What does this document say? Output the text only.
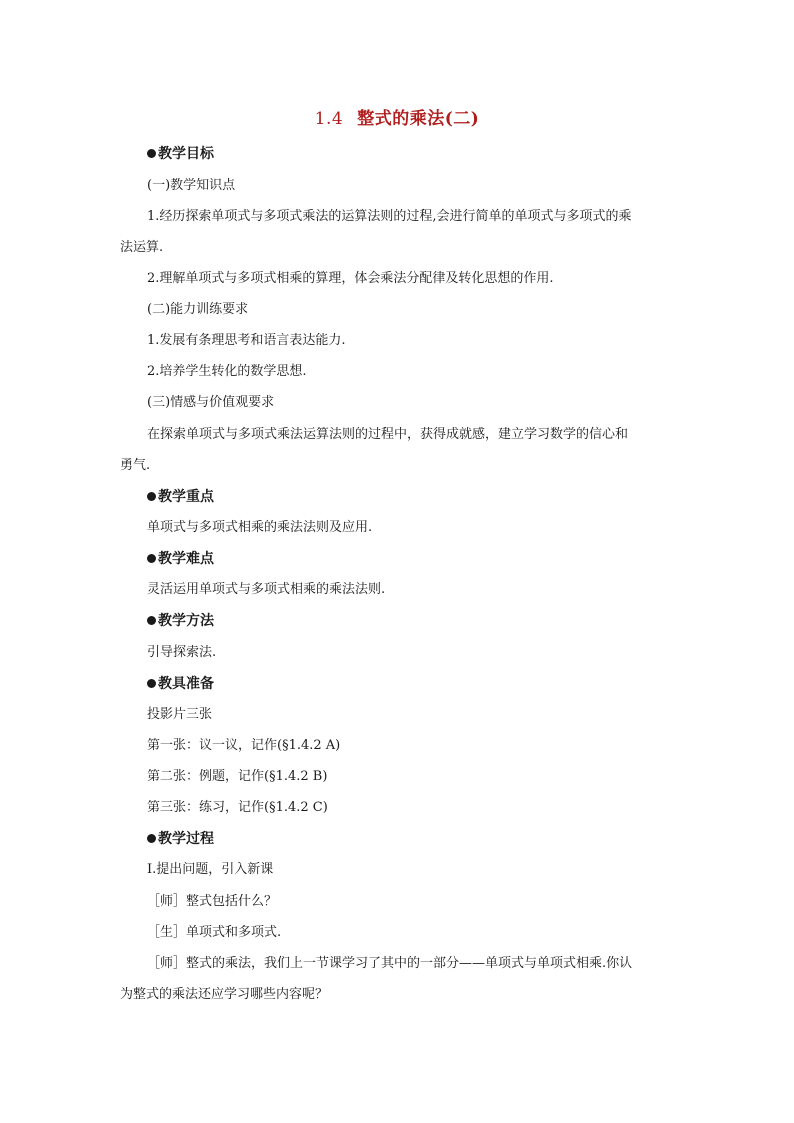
1.4 整式的乘法(二)
教学目标
(一)教学知识点
1.经历探索单项式与多项式乘法的运算法则的过程,会进行简单的单项式与多项式的乘
法运算.
2.理解单项式与多项式相乘的算理，体会乘法分配律及转化思想的作用.
(二)能力训练要求
1.发展有条理思考和语言表达能力.
2.培养学生转化的数学思想.
(三)情感与价值观要求
在探索单项式与多项式乘法运算法则的过程中，获得成就感，建立学习数学的信心和
勇气.
教学重点
单项式与多项式相乘的乘法法则及应用.
教学难点
灵活运用单项式与多项式相乘的乘法法则.
教学方法
引导探索法.
教具准备
投影片三张
第一张：议一议，记作(§1.4.2 A)
第二张：例题，记作(§1.4.2 B)
第三张：练习，记作(§1.4.2 C)
教学过程
Ⅰ.提出问题，引入新课
［师］整式包括什么？
［生］单项式和多项式.
［师］整式的乘法，我们上一节课学习了其中的一部分——单项式与单项式相乘.你认
为整式的乘法还应学习哪些内容呢？
